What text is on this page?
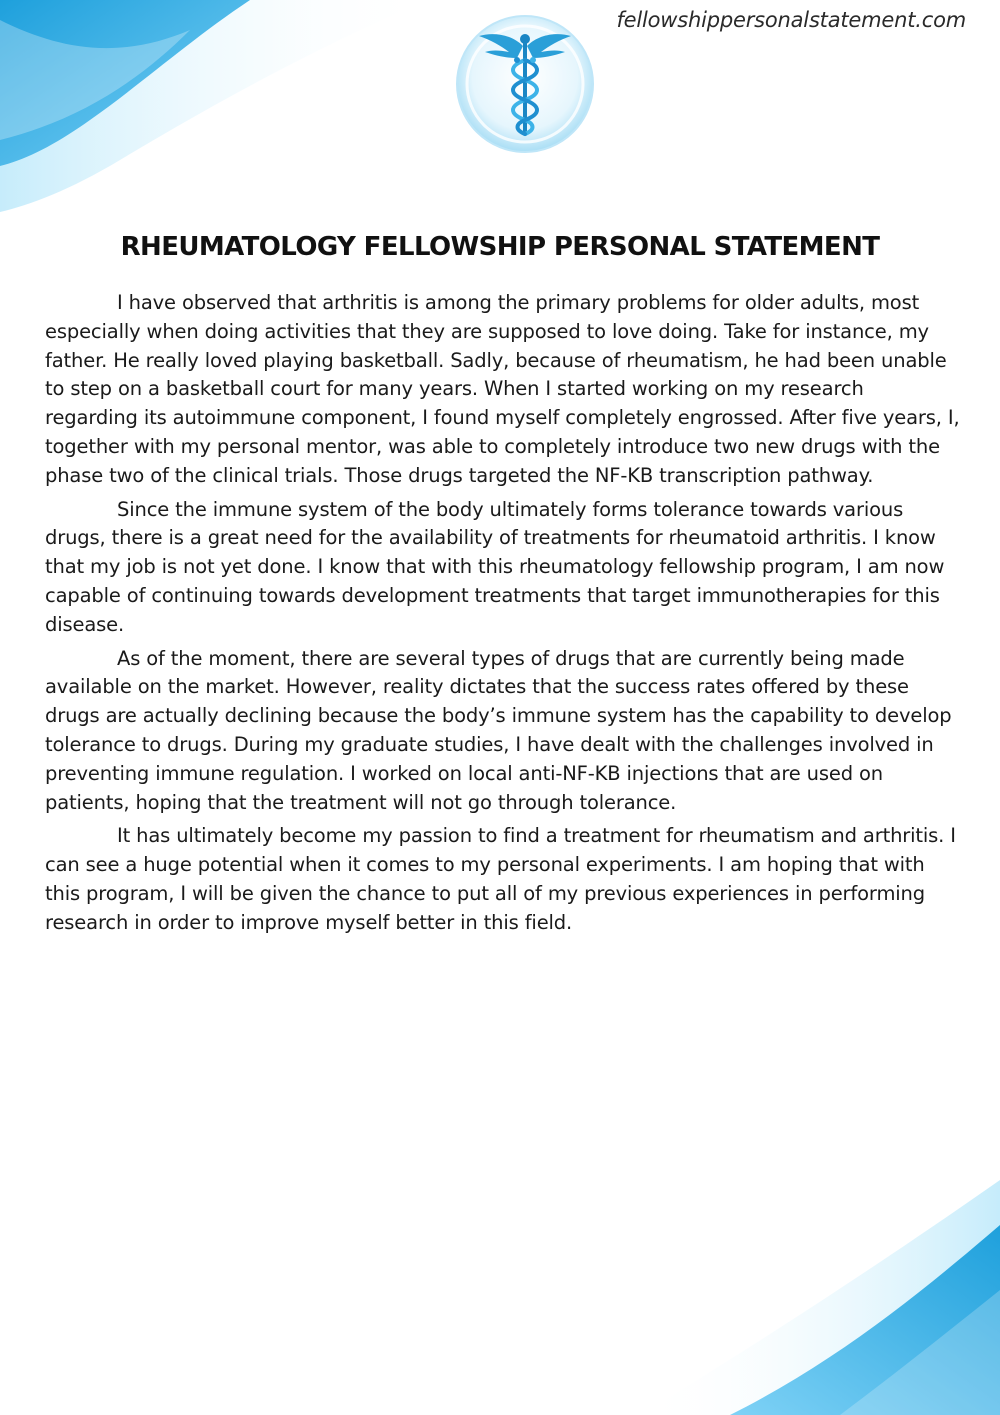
fellowshippersonalstatement.com
RHEUMATOLOGY FELLOWSHIP PERSONAL STATEMENT

I have observed that arthritis is among the primary problems for older adults, most especially when doing activities that they are supposed to love doing. Take for instance, my father. He really loved playing basketball. Sadly, because of rheumatism, he had been unable to step on a basketball court for many years. When I started working on my research regarding its autoimmune component, I found myself completely engrossed. After five years, I, together with my personal mentor, was able to completely introduce two new drugs with the phase two of the clinical trials. Those drugs targeted the NF-KB transcription pathway.

Since the immune system of the body ultimately forms tolerance towards various drugs, there is a great need for the availability of treatments for rheumatoid arthritis. I know that my job is not yet done. I know that with this rheumatology fellowship program, I am now capable of continuing towards development treatments that target immunotherapies for this disease.

As of the moment, there are several types of drugs that are currently being made available on the market. However, reality dictates that the success rates offered by these drugs are actually declining because the body’s immune system has the capability to develop tolerance to drugs. During my graduate studies, I have dealt with the challenges involved in preventing immune regulation. I worked on local anti-NF-KB injections that are used on patients, hoping that the treatment will not go through tolerance.

It has ultimately become my passion to find a treatment for rheumatism and arthritis. I can see a huge potential when it comes to my personal experiments. I am hoping that with this program, I will be given the chance to put all of my previous experiences in performing research in order to improve myself better in this field.
